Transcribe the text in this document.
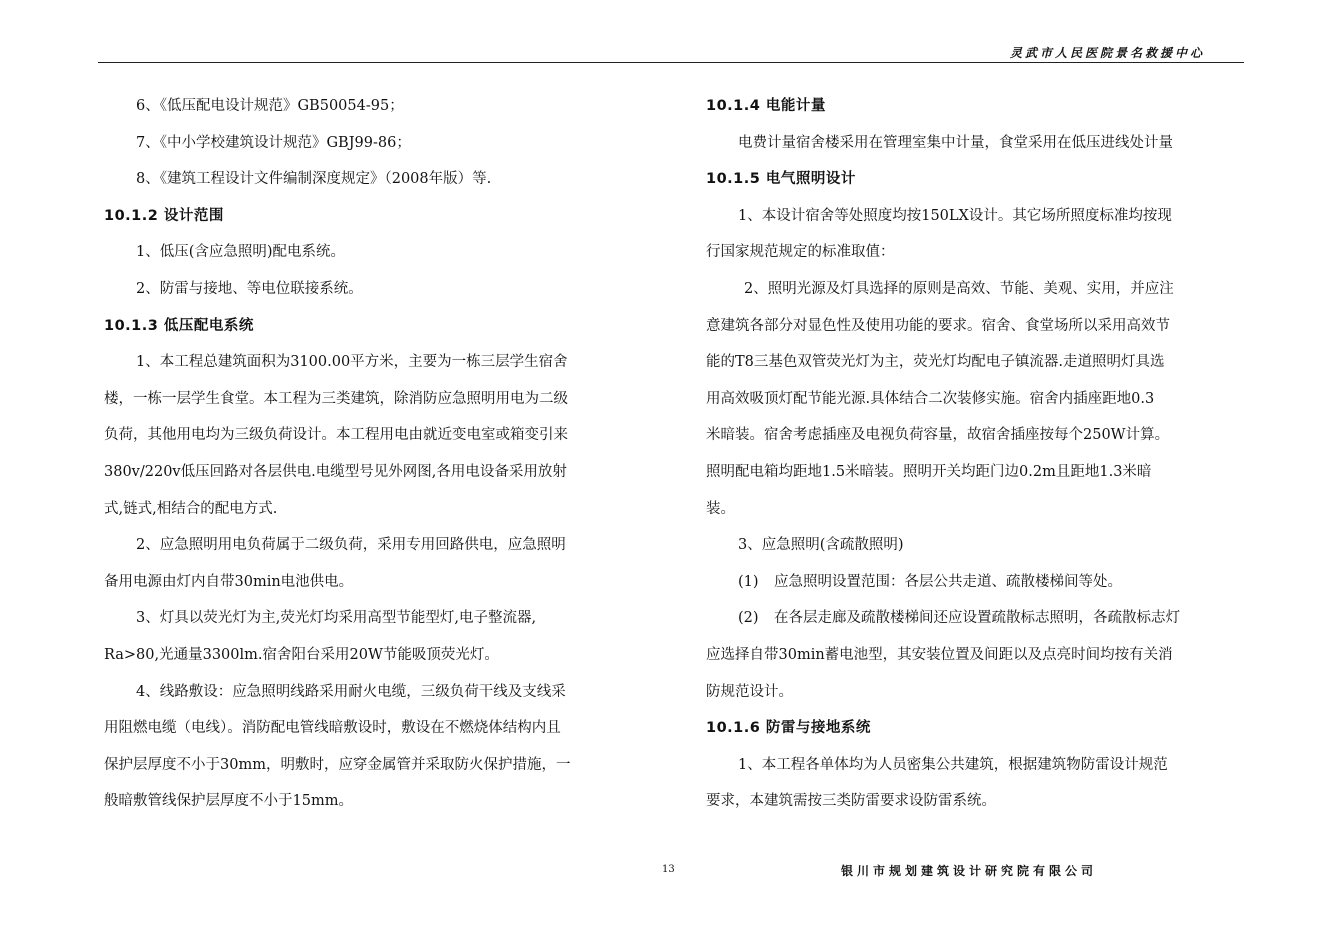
灵武市人民医院景名救援中心

6、《低压配电设计规范》GB50054-95；

7、《中小学校建筑设计规范》GBJ99-86；

8、《建筑工程设计文件编制深度规定》（2008年版）等.

10.1.2 设计范围

1、低压(含应急照明)配电系统。

2、防雷与接地、等电位联接系统。

10.1.3 低压配电系统

1、本工程总建筑面积为3100.00平方米，主要为一栋三层学生宿舍

楼，一栋一层学生食堂。本工程为三类建筑，除消防应急照明用电为二级

负荷，其他用电均为三级负荷设计。本工程用电由就近变电室或箱变引来

380v/220v低压回路对各层供电.电缆型号见外网图,各用电设备采用放射

式,链式,相结合的配电方式.

2、应急照明用电负荷属于二级负荷，采用专用回路供电，应急照明

备用电源由灯内自带30min电池供电。

3、灯具以荧光灯为主,荧光灯均采用高型节能型灯,电子整流器,

Ra>80,光通量3300lm.宿舍阳台采用20W节能吸顶荧光灯。

4、线路敷设：应急照明线路采用耐火电缆，三级负荷干线及支线采

用阻燃电缆（电线）。消防配电管线暗敷设时，敷设在不燃烧体结构内且

保护层厚度不小于30mm，明敷时，应穿金属管并采取防火保护措施，一

般暗敷管线保护层厚度不小于15mm。

10.1.4 电能计量

电费计量宿舍楼采用在管理室集中计量，食堂采用在低压进线处计量

10.1.5 电气照明设计

1、本设计宿舍等处照度均按150LX设计。其它场所照度标准均按现

行国家规范规定的标准取值：

2、照明光源及灯具选择的原则是高效、节能、美观、实用，并应注

意建筑各部分对显色性及使用功能的要求。宿舍、食堂场所以采用高效节

能的T8三基色双管荧光灯为主，荧光灯均配电子镇流器.走道照明灯具选

用高效吸顶灯配节能光源.具体结合二次装修实施。宿舍内插座距地0.3

米暗装。宿舍考虑插座及电视负荷容量，故宿舍插座按每个250W计算。

照明配电箱均距地1.5米暗装。照明开关均距门边0.2m且距地1.3米暗

装。

3、应急照明(含疏散照明)

(1) 应急照明设置范围：各层公共走道、疏散楼梯间等处。

(2) 在各层走廊及疏散楼梯间还应设置疏散标志照明，各疏散标志灯

应选择自带30min蓄电池型，其安装位置及间距以及点亮时间均按有关消

防规范设计。

10.1.6 防雷与接地系统

1、本工程各单体均为人员密集公共建筑，根据建筑物防雷设计规范

要求，本建筑需按三类防雷要求设防雷系统。

13	银川市规划建筑设计研究院有限公司
